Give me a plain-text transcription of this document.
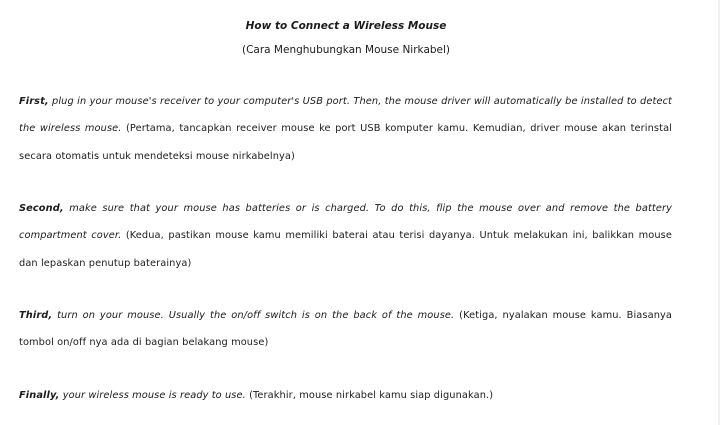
How to Connect a Wireless Mouse
(Cara Menghubungkan Mouse Nirkabel)

First, plug in your mouse's receiver to your computer's USB port. Then, the mouse driver will automatically be installed to detect the wireless mouse. (Pertama, tancapkan receiver mouse ke port USB komputer kamu. Kemudian, driver mouse akan terinstal secara otomatis untuk mendeteksi mouse nirkabelnya)

Second, make sure that your mouse has batteries or is charged. To do this, flip the mouse over and remove the battery compartment cover. (Kedua, pastikan mouse kamu memiliki baterai atau terisi dayanya. Untuk melakukan ini, balikkan mouse dan lepaskan penutup baterainya)

Third, turn on your mouse. Usually the on/off switch is on the back of the mouse. (Ketiga, nyalakan mouse kamu. Biasanya tombol on/off nya ada di bagian belakang mouse)

Finally, your wireless mouse is ready to use. (Terakhir, mouse nirkabel kamu siap digunakan.)
